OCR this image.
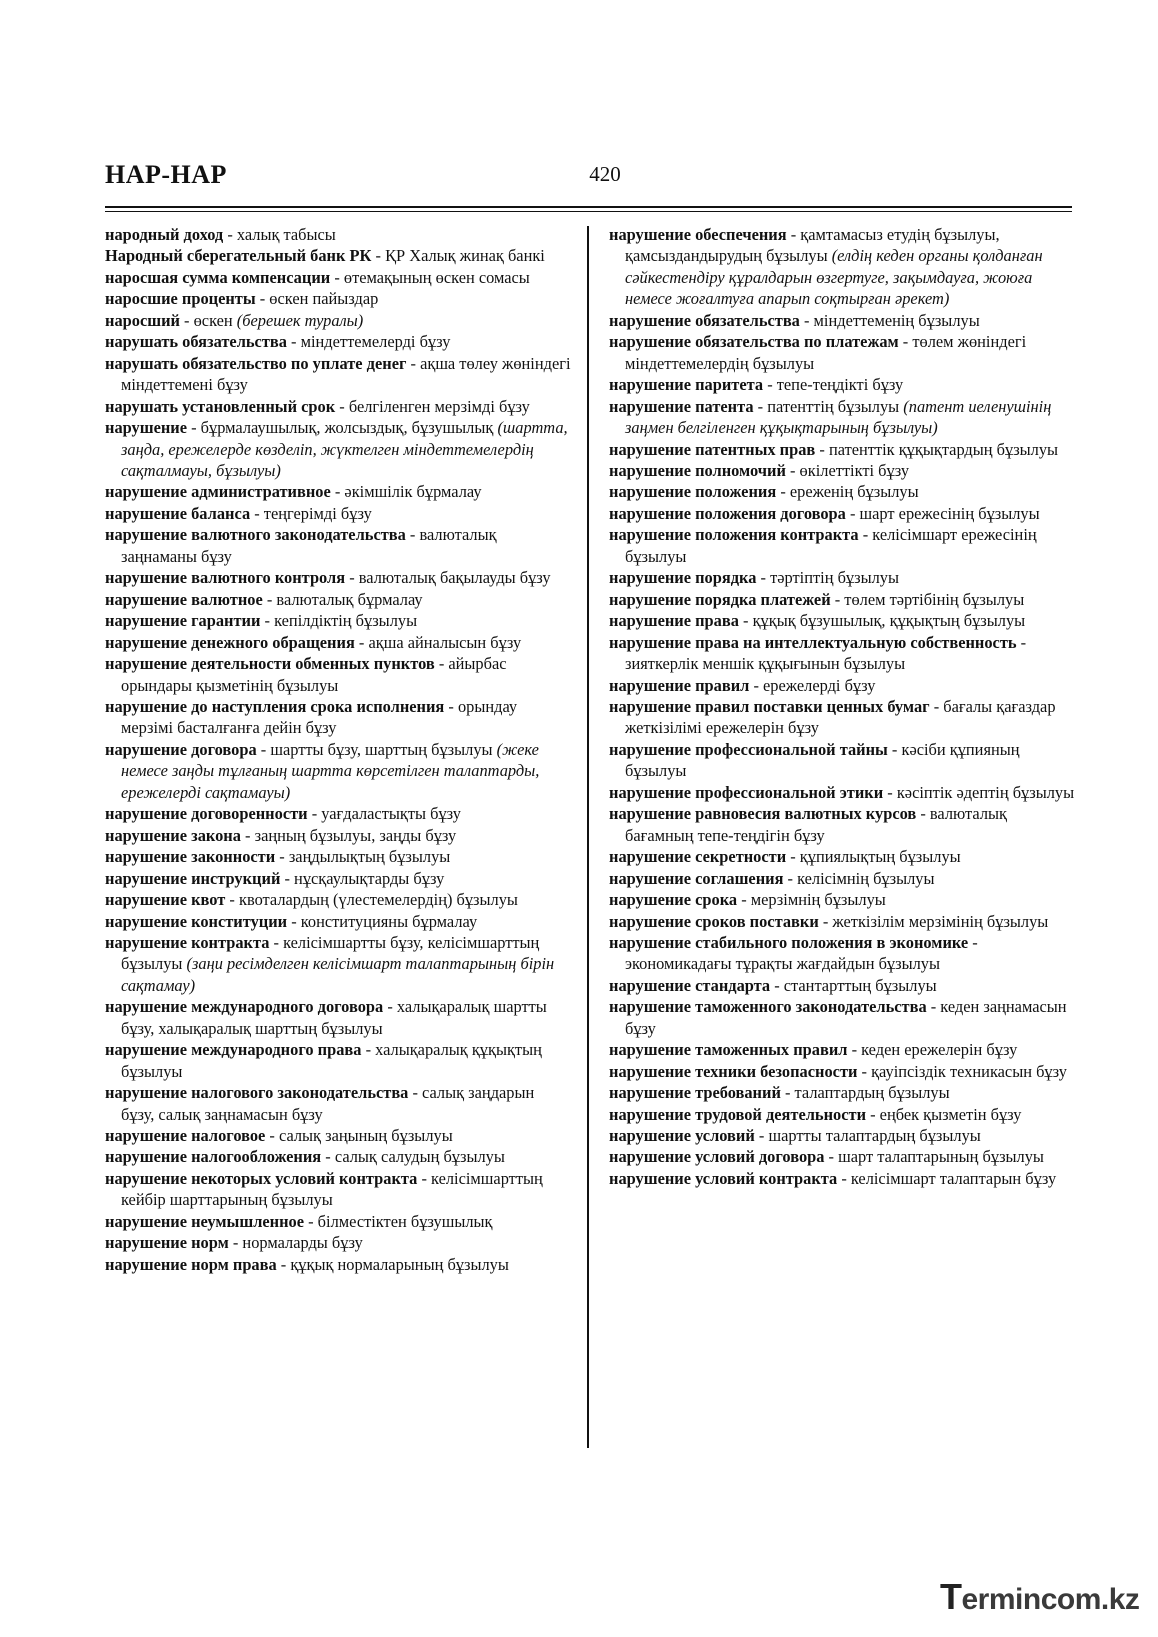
НАР-НАР	420
народный доход - халық табысы
Народный сберегательный банк РК - ҚР Халық жинақ банкі
наросшая сумма компенсации - өтемақының өскен сомасы
наросшие проценты - өскен пайыздар
наросший - өскен (берешек туралы)
нарушать обязательства - міндеттемелерді бұзу
нарушать обязательство по уплате денег - ақша төлеу жөніндегі міндеттемені бұзу
нарушать установленный срок - белгіленген мерзімді бұзу
нарушение - бұрмалаушылық, жолсыздық, бұзушылық (шартта, заңда, ережелерде көзделіп, жүктелген міндеттемелердің сақталмауы, бұзылуы)
нарушение административное - әкімшілік бұрмалау
нарушение баланса - теңгерімді бұзу
нарушение валютного законодательства - валюталық заңнаманы бұзу
нарушение валютного контроля - валюталық бақылауды бұзу
нарушение валютное - валюталық бұрмалау
нарушение гарантии - кепілдіктің бұзылуы
нарушение денежного обращения - ақша айналысын бұзу
нарушение деятельности обменных пунктов - айырбас орындары қызметінің бұзылуы
нарушение до наступления срока исполнения - орындау мерзімі басталғанға дейін бұзу
нарушение договора - шартты бұзу, шарттың бұзылуы (жеке немесе заңды тұлғаның шартта көрсетілген талаптарды, ережелерді сақтамауы)
нарушение договоренности - уағдаластықты бұзу
нарушение закона - заңның бұзылуы, заңды бұзу
нарушение законности - заңдылықтың бұзылуы
нарушение инструкций - нұсқаулықтарды бұзу
нарушение квот - квоталардың (үлестемелердің) бұзылуы
нарушение конституции - конституцияны бұрмалау
нарушение контракта - келісімшартты бұзу, келісімшарттың бұзылуы (заңи ресімделген келісімшарт талаптарының бірін сақтамау)
нарушение международного договора - халықаралық шартты бұзу, халықаралық шарттың бұзылуы
нарушение международного права - халықаралық құқықтың бұзылуы
нарушение налогового законодательства - салық заңдарын бұзу, салық заңнамасын бұзу
нарушение налоговое - салық заңының бұзылуы
нарушение налогообложения - салық салудың бұзылуы
нарушение некоторых условий контракта - келісімшарттың кейбір шарттарының бұзылуы
нарушение неумышленное - білместіктен бұзушылық
нарушение норм - нормаларды бұзу
нарушение норм права - құқық нормаларының бұзылуы
нарушение обеспечения - қамтамасыз етудің бұзылуы, қамсыздандырудың бұзылуы (елдің кеден органы қолданған сәйкестендіру құралдарын өзгертуге, зақымдауға, жоюға немесе жоғалтуға апарып соқтырған әрекет)
нарушение обязательства - міндеттеменің бұзылуы
нарушение обязательства по платежам - төлем жөніндегі міндеттемелердің бұзылуы
нарушение паритета - тепе-теңдікті бұзу
нарушение патента - патенттің бұзылуы (патент иеленушінің заңмен белгіленген құқықтарының бұзылуы)
нарушение патентных прав - патенттік құқықтардың бұзылуы
нарушение полномочий - өкілеттікті бұзу
нарушение положения - ереженің бұзылуы
нарушение положения договора - шарт ережесінің бұзылуы
нарушение положения контракта - келісімшарт ережесінің бұзылуы
нарушение порядка - тәртіптің бұзылуы
нарушение порядка платежей - төлем тәртібінің бұзылуы
нарушение права - құқық бұзушылық, құқықтың бұзылуы
нарушение права на интеллектуальную собственность - зияткерлік меншік құқығынын бұзылуы
нарушение правил - ережелерді бұзу
нарушение правил поставки ценных бумаг - бағалы қағаздар жеткізілімі ережелерін бұзу
нарушение профессиональной тайны - кәсіби құпияның бұзылуы
нарушение профессиональной этики - кәсіптік әдептің бұзылуы
нарушение равновесия валютных курсов - валюталық бағамның тепе-теңдігін бұзу
нарушение секретности - құпиялықтың бұзылуы
нарушение соглашения - келісімнің бұзылуы
нарушение срока - мерзімнің бұзылуы
нарушение сроков поставки - жеткізілім мерзімінің бұзылуы
нарушение стабильного положения в экономике - экономикадағы тұрақты жағдайдын бұзылуы
нарушение стандарта - стантарттың бұзылуы
нарушение таможенного законодательства - кеден заңнамасын бұзу
нарушение таможенных правил - кеден ережелерін бұзу
нарушение техники безопасности - қауіпсіздік техникасын бұзу
нарушение требований - талаптардың бұзылуы
нарушение трудовой деятельности - еңбек қызметін бұзу
нарушение условий - шартты талаптардың бұзылуы
нарушение условий договора - шарт талаптарының бұзылуы
нарушение условий контракта - келісімшарт талаптарын бұзу
Termincom.kz
